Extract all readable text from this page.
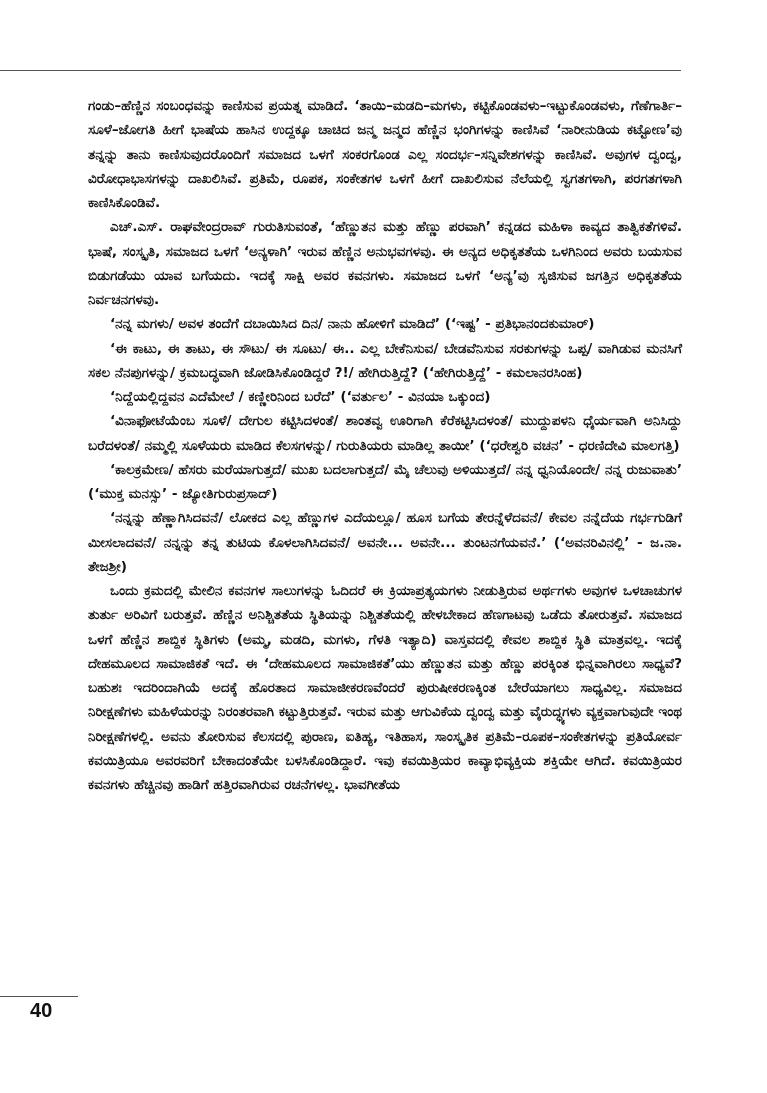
ಗಂಡು–ಹೆಣ್ಣಿನ ಸಂಬಂಧವನ್ನು ಕಾಣಿಸುವ ಪ್ರಯತ್ನ ಮಾಡಿದೆ. ‘ತಾಯಿ–ಮಡದಿ–ಮಗಳು, ಕಟ್ಟಿಕೊಂಡವಳು–ಇಟ್ಟುಕೊಂಡವಳು, ಗೆಣೆಗಾರ್ತಿ–ಸೂಳೆ–ಜೋಗತಿ ಹೀಗೆ ಭಾಷೆಯ ಹಾಸಿನ ಉದ್ದಕ್ಕೂ ಚಾಚಿದ ಜನ್ಮ ಜನ್ಮದ ಹೆಣ್ಣಿನ ಭಂಗಿಗಳನ್ನು ಕಾಣಿಸಿವೆ ‘ನಾರೀನುಡಿಯ ಕಟ್ಟೋಣ’ವು ತನ್ನನ್ನು ತಾನು ಕಾಣಿಸುವುದರೊಂದಿಗೆ ಸಮಾಜದ ಒಳಗೆ ಸಂಕರಗೊಂಡ ಎಲ್ಲ ಸಂದರ್ಭ–ಸನ್ನಿವೇಶಗಳನ್ನು ಕಾಣಿಸಿವೆ. ಅವುಗಳ ದ್ವಂದ್ವ, ವಿರೋಧಾಭಾಸಗಳನ್ನು ದಾಖಲಿಸಿವೆ. ಪ್ರತಿಮೆ, ರೂಪಕ, ಸಂಕೇತಗಳ ಒಳಗೆ ಹೀಗೆ ದಾಖಲಿಸುವ ನೆಲೆಯಲ್ಲಿ ಸ್ವಗತಗಳಾಗಿ, ಪರಗತಗಳಾಗಿ ಕಾಣಿಸಿಕೊಂಡಿವೆ.

ಎಚ್.ಎಸ್. ರಾಘವೇಂದ್ರರಾವ್ ಗುರುತಿಸುವಂತೆ, ‘ಹೆಣ್ಣುತನ ಮತ್ತು ಹೆಣ್ಣು ಪರವಾಗಿ’ ಕನ್ನಡದ ಮಹಿಳಾ ಕಾವ್ಯದ ತಾತ್ವಿಕತೆಗಳಿವೆ. ಭಾಷೆ, ಸಂಸ್ಕೃತಿ, ಸಮಾಜದ ಒಳಗೆ ‘ಅನ್ಯಳಾಗಿ’ ಇರುವ ಹೆಣ್ಣಿನ ಅನುಭವಗಳವು. ಈ ಅನ್ಯದ ಅಧಿಕೃತತೆಯ ಒಳಗಿನಿಂದ ಅವರು ಬಯಸುವ ಬಿಡುಗಡೆಯು ಯಾವ ಬಗೆಯದು. ಇದಕ್ಕೆ ಸಾಕ್ಷಿ ಅವರ ಕವನಗಳು. ಸಮಾಜದ ಒಳಗೆ ‘ಅನ್ಯ’ವು ಸೃಜಿಸುವ ಜಗತ್ತಿನ ಅಧಿಕೃತತೆಯ ನಿರ್ವಚನಗಳವು.

‘ನನ್ನ ಮಗಳು/ ಅವಳ ತಂದೆಗೆ ದಬಾಯಿಸಿದ ದಿನ/ ನಾನು ಹೋಳಿಗೆ ಮಾಡಿದೆ’ (‘ಇಷ್ಟ’ - ಪ್ರತಿಭಾನಂದಕುಮಾರ್)

‘ಈ ಕಾಟು, ಈ ತಾಟು, ಈ ಸೌಟು/ ಈ ಸೂಟು/ ಈ.. ಎಲ್ಲ ಬೇಕೆನಿಸುವ/ ಬೇಡವೆನಿಸುವ ಸರಕುಗಳನ್ನು ಒಪ್ಪ/ ವಾಗಿಡುವ ಮನಸಿಗೆ ಸಕಲ ನೆನಪುಗಳನ್ನು/ ಕ್ರಮಬದ್ಧವಾಗಿ ಜೋಡಿಸಿಕೊಂಡಿದ್ದರೆ ?!/ ಹೇಗಿರುತ್ತಿದ್ದೆ? (‘ಹೇಗಿರುತ್ತಿದ್ದೆ’ - ಕಮಲಾನರಸಿಂಹ)

‘ನಿದ್ದೆಯಲ್ಲಿದ್ದವನ ಎದೆಮೇಲೆ / ಕಣ್ಣೀರಿನಿಂದ ಬರೆದೆ’ (‘ವರ್ತುಲ’ - ವಿನಯಾ ಒಕ್ಕುಂದ)

‘ವಿನಾಫೋಟೆಯೆಂಬ ಸೂಳೆ/ ದೇಗುಲ ಕಟ್ಟಿಸಿದಳಂತೆ/ ಶಾಂತವ್ವ ಊರಿಗಾಗಿ ಕೆರೆಕಟ್ಟಿಸಿದಳಂತೆ/ ಮುದ್ದುಪಳನಿ ಧೈರ್ಯವಾಗಿ ಅನಿಸಿದ್ದು ಬರೆದಳಂತೆ/ ನಮ್ಮಲ್ಲಿ ಸೂಳೆಯರು ಮಾಡಿದ ಕೆಲಸಗಳನ್ನು/ ಗುರುತಿಯರು ಮಾಡಿಲ್ಲ ತಾಯೀ’ (‘ಧರೇಶ್ವರಿ ವಚನ’ - ಧರಣಿದೇವಿ ಮಾಲಗತ್ತಿ)

‘ಕಾಲಕ್ರಮೇಣ/ ಹೆಸರು ಮರೆಯಾಗುತ್ತದೆ/ ಮುಖ ಬದಲಾಗುತ್ತದೆ/ ಮೈ ಚೆಲುವು ಅಳಿಯುತ್ತದೆ/ ನನ್ನ ಧ್ವನಿಯೊಂದೇ/ ನನ್ನ ರುಜುವಾತು’ (‘ಮುಕ್ತ ಮನಸ್ಸು’ - ಜ್ಯೋತಿಗುರುಪ್ರಸಾದ್)

‘ನನ್ನನ್ನು ಹೆಣ್ಣಾಗಿಸಿದವನೆ/ ಲೋಕದ ಎಲ್ಲ ಹೆಣ್ಣುಗಳ ಎದೆಯಲ್ಲೂ/ ಹೂಸ ಬಗೆಯ ತೇರನ್ನೆಳೆದವನೆ/ ಕೇವಲ ನನ್ನೆದೆಯ ಗರ್ಭಗುಡಿಗೆ ಮೀಸಲಾದವನೆ/ ನನ್ನನ್ನು ತನ್ನ ತುಟಿಯ ಕೊಳಲಾಗಿಸಿದವನೆ/ ಅವನೇ... ಅವನೇ... ತುಂಟನಗೆಯವನೆ.’ (‘ಅವನರಿವಿನಲ್ಲಿ’ - ಜ.ನಾ. ತೇಜಶ್ರೀ)

ಒಂದು ಕ್ರಮದಲ್ಲಿ ಮೇಲಿನ ಕವನಗಳ ಸಾಲುಗಳನ್ನು ಓದಿದರೆ ಈ ಕ್ರಿಯಾಪ್ರತ್ಯಯಗಳು ನೀಡುತ್ತಿರುವ ಅರ್ಥಗಳು ಅವುಗಳ ಒಳಚಾಚುಗಳ ತುರ್ತು ಅರಿವಿಗೆ ಬರುತ್ತವೆ. ಹೆಣ್ಣಿನ ಅನಿಶ್ಚಿತತೆಯ ಸ್ಥಿತಿಯನ್ನು ನಿಶ್ಚಿತತೆಯಲ್ಲಿ ಹೇಳಬೇಕಾದ ಹೆಣಗಾಟವು ಒಡೆದು ತೋರುತ್ತವೆ. ಸಮಾಜದ ಒಳಗೆ ಹೆಣ್ಣಿನ ಶಾಬ್ದಿಕ ಸ್ಥಿತಿಗಳು (ಅಮ್ಮ, ಮಡದಿ, ಮಗಳು, ಗೆಳತಿ ಇತ್ಯಾದಿ) ವಾಸ್ತವದಲ್ಲಿ ಕೇವಲ ಶಾಬ್ದಿಕ ಸ್ಥಿತಿ ಮಾತ್ರವಲ್ಲ. ಇದಕ್ಕೆ ದೇಹಮೂಲದ ಸಾಮಾಜಿಕತೆ ಇದೆ. ಈ ‘ದೇಹಮೂಲದ ಸಾಮಾಜಿಕತೆ’ಯು ಹೆಣ್ಣುತನ ಮತ್ತು ಹೆಣ್ಣು ಪರಕ್ಕಿಂತ ಭಿನ್ನವಾಗಿರಲು ಸಾಧ್ಯವೆ? ಬಹುಶಃ ಇದರಿಂದಾಗಿಯೆ ಅದಕ್ಕೆ ಹೊರತಾದ ಸಾಮಾಜೀಕರಣವೆಂದರೆ ಪುರುಷೀಕರಣಕ್ಕಿಂತ ಬೇರೆಯಾಗಲು ಸಾಧ್ಯವಿಲ್ಲ. ಸಮಾಜದ ನಿರೀಕ್ಷಣೆಗಳು ಮಹಿಳೆಯರನ್ನು ನಿರಂತರವಾಗಿ ಕಟ್ಟುತ್ತಿರುತ್ತವೆ. ಇರುವ ಮತ್ತು ಆಗುವಿಕೆಯ ದ್ವಂದ್ವ ಮತ್ತು ವೈರುದ್ಧ್ಯಗಳು ವ್ಯಕ್ತವಾಗುವುದೇ ಇಂಥ ನಿರೀಕ್ಷಣೆಗಳಲ್ಲಿ. ಅವನು ತೋರಿಸುವ ಕೆಲಸದಲ್ಲಿ ಪುರಾಣ, ಐತಿಹ್ಯ, ಇತಿಹಾಸ, ಸಾಂಸ್ಕೃತಿಕ ಪ್ರತಿಮೆ–ರೂಪಕ–ಸಂಕೇತಗಳನ್ನು ಪ್ರತಿಯೋರ್ವ ಕವಯಿತ್ರಿಯೂ ಅವರವರಿಗೆ ಬೇಕಾದಂತೆಯೇ ಬಳಸಿಕೊಂಡಿದ್ದಾರೆ. ಇವು ಕವಯಿತ್ರಿಯರ ಕಾವ್ಯಾಭಿವ್ಯಕ್ತಿಯ ಶಕ್ತಿಯೇ ಆಗಿದೆ. ಕವಯಿತ್ರಿಯರ ಕವನಗಳು ಹೆಚ್ಚಿನವು ಹಾಡಿಗೆ ಹತ್ತಿರವಾಗಿರುವ ರಚನೆಗಳಲ್ಲ. ಭಾವಗೀತೆಯ

40
